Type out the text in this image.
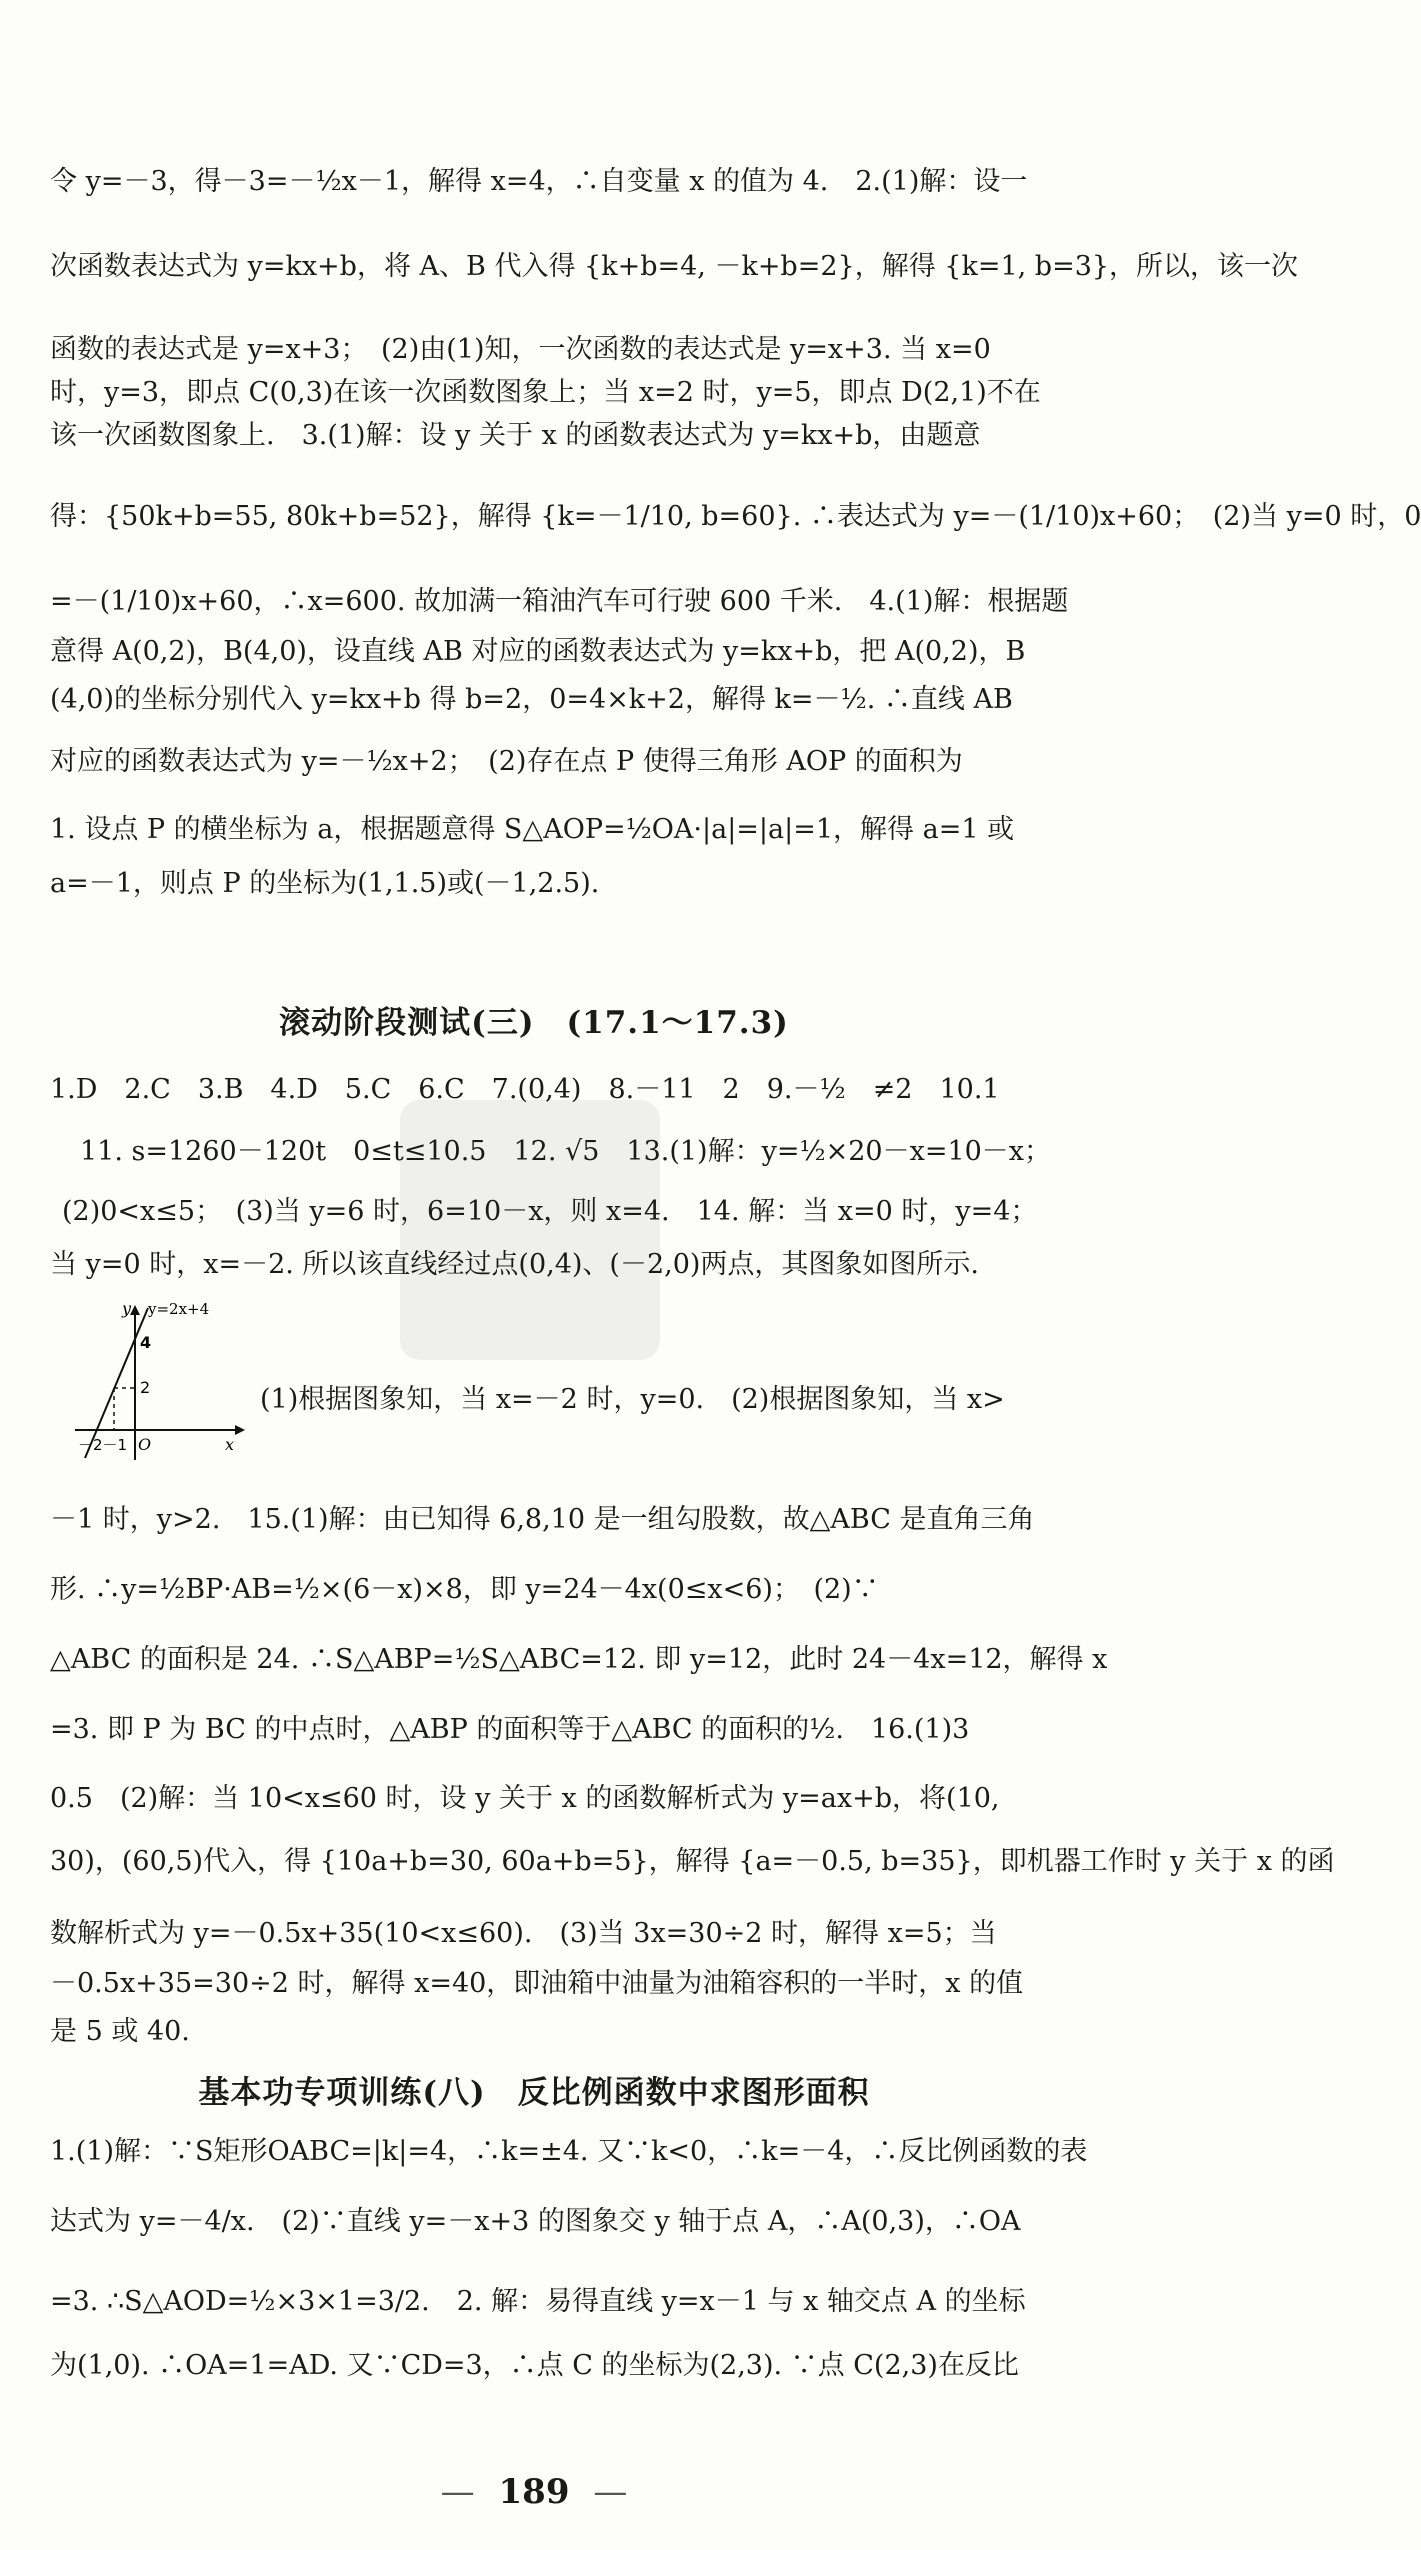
令 y=－3，得－3=－½x－1，解得 x=4，∴自变量 x 的值为 4.　2.(1)解：设一
次函数表达式为 y=kx+b，将 A、B 代入得 {k+b=4, －k+b=2}，解得 {k=1, b=3}，所以，该一次
函数的表达式是 y=x+3；　(2)由(1)知，一次函数的表达式是 y=x+3. 当 x=0
时，y=3，即点 C(0,3)在该一次函数图象上；当 x=2 时，y=5，即点 D(2,1)不在
该一次函数图象上.　3.(1)解：设 y 关于 x 的函数表达式为 y=kx+b，由题意
得：{50k+b=55, 80k+b=52}，解得 {k=－1/10, b=60}. ∴表达式为 y=－(1/10)x+60；　(2)当 y=0 时，0
=－(1/10)x+60，∴x=600. 故加满一箱油汽车可行驶 600 千米.　4.(1)解：根据题
意得 A(0,2)，B(4,0)，设直线 AB 对应的函数表达式为 y=kx+b，把 A(0,2)，B
(4,0)的坐标分别代入 y=kx+b 得 b=2，0=4×k+2，解得 k=－½. ∴直线 AB
对应的函数表达式为 y=－½x+2；　(2)存在点 P 使得三角形 AOP 的面积为
1. 设点 P 的横坐标为 a，根据题意得 S△AOP=½OA·|a|=|a|=1，解得 a=1 或
a=－1，则点 P 的坐标为(1,1.5)或(－1,2.5).
滚动阶段测试(三)　(17.1～17.3)
1.D　2.C　3.B　4.D　5.C　6.C　7.(0,4)　8.－11　2　9.－½　≠2　10.1
11. s=1260－120t　0≤t≤10.5　12. √5　13.(1)解：y=½×20－x=10－x；
(2)0<x≤5；　(3)当 y=6 时，6=10－x，则 x=4.　14. 解：当 x=0 时，y=4；
当 y=0 时，x=－2. 所以该直线经过点(0,4)、(－2,0)两点，其图象如图所示.
y y=2x+4
4
2
O
－2－1	x
(1)根据图象知，当 x=－2 时，y=0.　(2)根据图象知，当 x>
－1 时，y>2.　15.(1)解：由已知得 6,8,10 是一组勾股数，故△ABC 是直角三角
形. ∴y=½BP·AB=½×(6－x)×8，即 y=24－4x(0≤x<6)；　(2)∵
△ABC 的面积是 24. ∴S△ABP=½S△ABC=12. 即 y=12，此时 24－4x=12，解得 x
=3. 即 P 为 BC 的中点时，△ABP 的面积等于△ABC 的面积的½.　16.(1)3
0.5　(2)解：当 10<x≤60 时，设 y 关于 x 的函数解析式为 y=ax+b，将(10,
30)，(60,5)代入，得 {10a+b=30, 60a+b=5}，解得 {a=－0.5, b=35}，即机器工作时 y 关于 x 的函
数解析式为 y=－0.5x+35(10<x≤60).　(3)当 3x=30÷2 时，解得 x=5；当
－0.5x+35=30÷2 时，解得 x=40，即油箱中油量为油箱容积的一半时，x 的值
是 5 或 40.
基本功专项训练(八)　反比例函数中求图形面积
1.(1)解：∵S矩形OABC=|k|=4，∴k=±4. 又∵k<0，∴k=－4，∴反比例函数的表
达式为 y=－4/x.　(2)∵直线 y=－x+3 的图象交 y 轴于点 A，∴A(0,3)，∴OA
=3. ∴S△AOD=½×3×1=3/2.　2. 解：易得直线 y=x－1 与 x 轴交点 A 的坐标
为(1,0). ∴OA=1=AD. 又∵CD=3，∴点 C 的坐标为(2,3). ∵点 C(2,3)在反比
— 189 —
